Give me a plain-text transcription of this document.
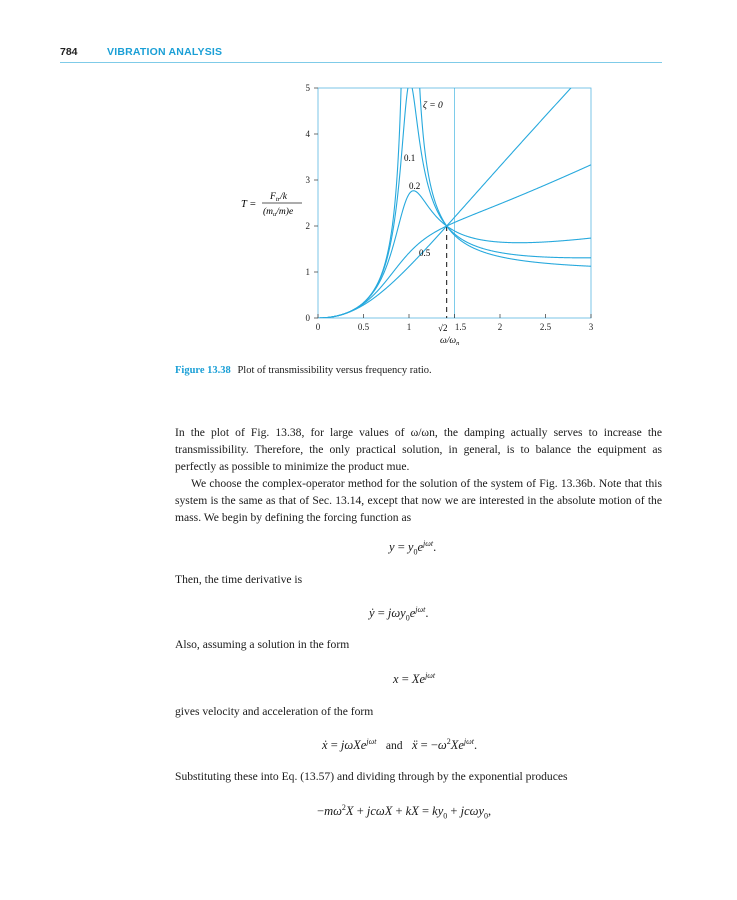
784	VIBRATION ANALYSIS
0
1
2
3
4
5
0	0.5	1	1.5	2	2.5	3
T =
$F_{tr}/k$
$(m_u/m)e$
$\omega/\omega_n$
√2
ζ = 0
0.1
0.2
0.5
Figure 13.38 Plot of transmissibility versus frequency ratio.

In the plot of Fig. 13.38, for large values of ω/ωn, the damping actually serves to increase the transmissibility. Therefore, the only practical solution, in general, is to balance the equipment as perfectly as possible to minimize the product mue.

We choose the complex-operator method for the solution of the system of Fig. 13.36b. Note that this system is the same as that of Sec. 13.14, except that now we are interested in the absolute motion of the mass. We begin by defining the forcing function as

$y = y_0e^{j\omega t}$.

Then, the time derivative is

ẏ = $j\omega y_0e^{j\omega t}$.

Also, assuming a solution in the form

$x = Xe^{j\omega t}$

gives velocity and acceleration of the form

ẋ = jωXe$^{j\omega t}$ and ẍ = $-\omega^2Xe^{j\omega t}$.

Substituting these into Eq. (13.57) and dividing through by the exponential produces

$-m\omega^2X + jc\omega X$ + kX = $ky_0 + jc\omega y_0$,
